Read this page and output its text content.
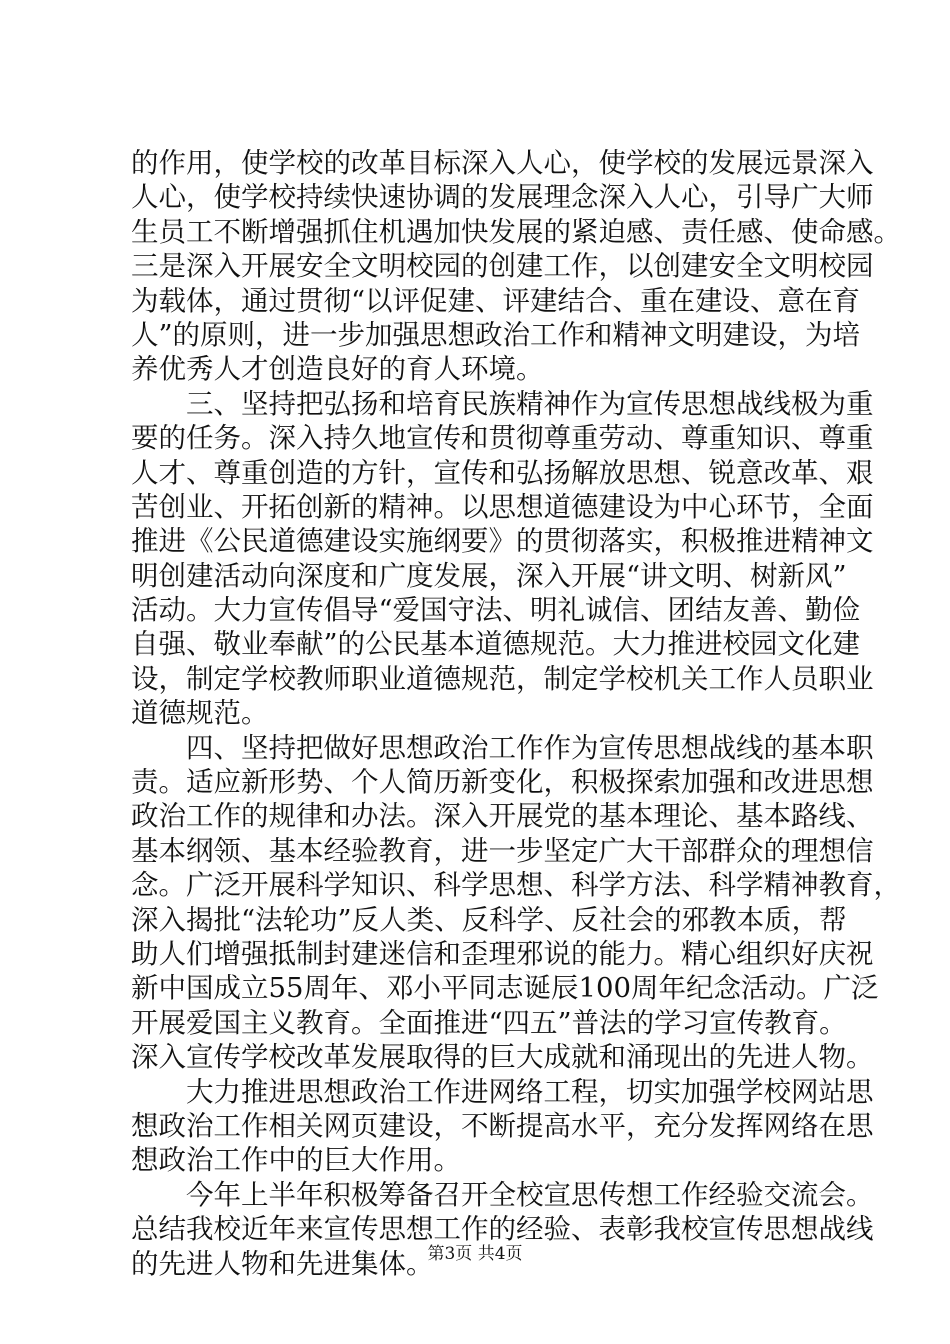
的作用，使学校的改革目标深入人心，使学校的发展远景深入
人心，使学校持续快速协调的发展理念深入人心，引导广大师
生员工不断增强抓住机遇加快发展的紧迫感、责任感、使命感。
三是深入开展安全文明校园的创建工作，以创建安全文明校园
为载体，通过贯彻“以评促建、评建结合、重在建设、意在育
人”的原则，进一步加强思想政治工作和精神文明建设，为培
养优秀人才创造良好的育人环境。
三、坚持把弘扬和培育民族精神作为宣传思想战线极为重
要的任务。深入持久地宣传和贯彻尊重劳动、尊重知识、尊重
人才、尊重创造的方针，宣传和弘扬解放思想、锐意改革、艰
苦创业、开拓创新的精神。以思想道德建设为中心环节，全面
推进《公民道德建设实施纲要》的贯彻落实，积极推进精神文
明创建活动向深度和广度发展，深入开展“讲文明、树新风”
活动。大力宣传倡导“爱国守法、明礼诚信、团结友善、勤俭
自强、敬业奉献”的公民基本道德规范。大力推进校园文化建
设，制定学校教师职业道德规范，制定学校机关工作人员职业
道德规范。
四、坚持把做好思想政治工作作为宣传思想战线的基本职
责。适应新形势、个人简历新变化，积极探索加强和改进思想
政治工作的规律和办法。深入开展党的基本理论、基本路线、
基本纲领、基本经验教育，进一步坚定广大干部群众的理想信
念。广泛开展科学知识、科学思想、科学方法、科学精神教育，
深入揭批“法轮功”反人类、反科学、反社会的邪教本质，帮
助人们增强抵制封建迷信和歪理邪说的能力。精心组织好庆祝
新中国成立55周年、邓小平同志诞辰100周年纪念活动。广泛
开展爱国主义教育。全面推进“四五”普法的学习宣传教育。
深入宣传学校改革发展取得的巨大成就和涌现出的先进人物。
大力推进思想政治工作进网络工程，切实加强学校网站思
想政治工作相关网页建设，不断提高水平，充分发挥网络在思
想政治工作中的巨大作用。
今年上半年积极筹备召开全校宣思传想工作经验交流会。
总结我校近年来宣传思想工作的经验、表彰我校宣传思想战线
的先进人物和先进集体。
第3页 共4页
